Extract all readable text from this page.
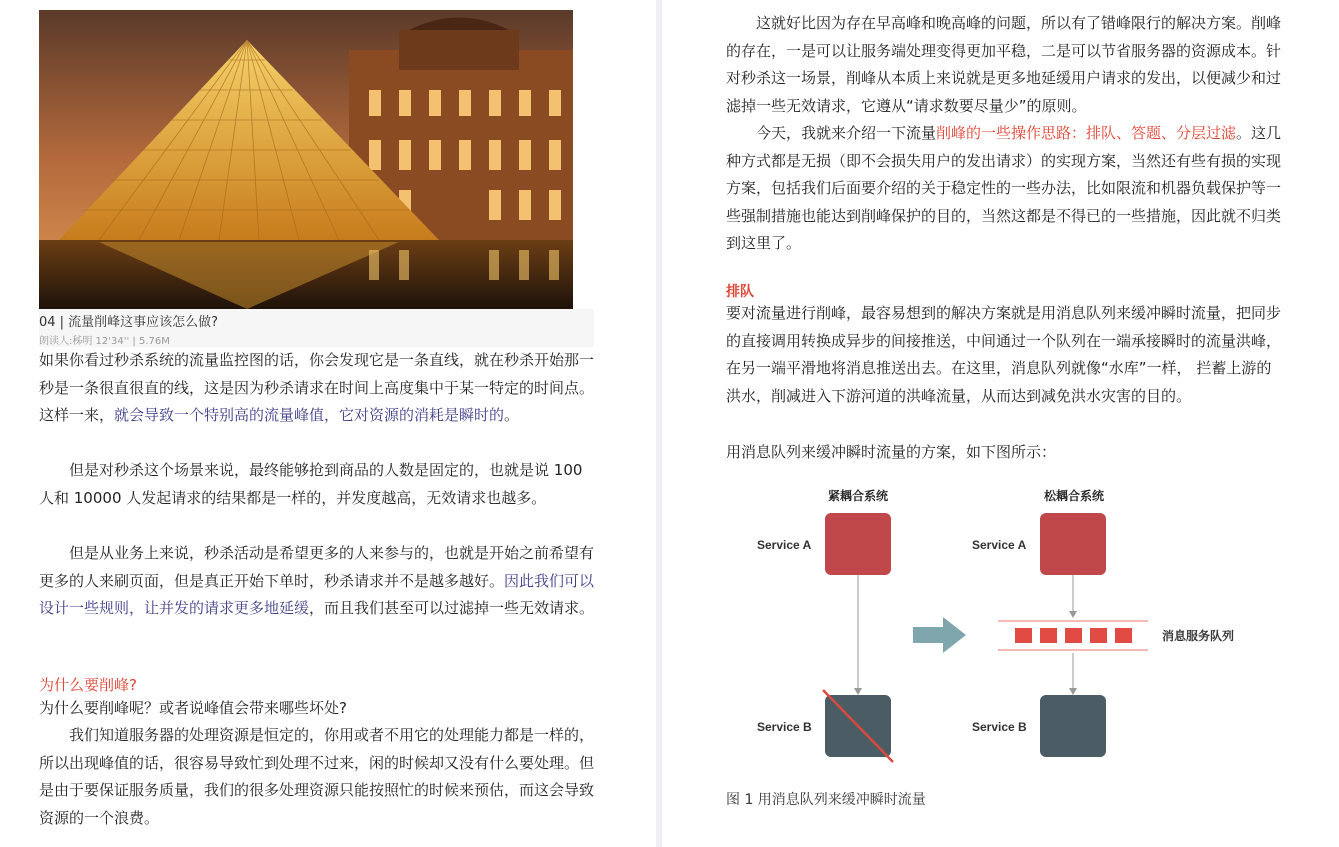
04 | 流量削峰这事应该怎么做?
朗读人:秭明 12'34'' | 5.76M

如果你看过秒杀系统的流量监控图的话，你会发现它是一条直线，就在秒杀开始那一秒是一条很直很直的线，这是因为秒杀请求在时间上高度集中于某一特定的时间点。这样一来，就会导致一个特别高的流量峰值，它对资源的消耗是瞬时的。

但是对秒杀这个场景来说，最终能够抢到商品的人数是固定的，也就是说 100 人和 10000 人发起请求的结果都是一样的，并发度越高，无效请求也越多。

但是从业务上来说，秒杀活动是希望更多的人来参与的，也就是开始之前希望有更多的人来刷页面，但是真正开始下单时，秒杀请求并不是越多越好。因此我们可以设计一些规则，让并发的请求更多地延缓，而且我们甚至可以过滤掉一些无效请求。

为什么要削峰?
为什么要削峰呢？或者说峰值会带来哪些坏处?

我们知道服务器的处理资源是恒定的，你用或者不用它的处理能力都是一样的，所以出现峰值的话，很容易导致忙到处理不过来，闲的时候却又没有什么要处理。但是由于要保证服务质量，我们的很多处理资源只能按照忙的时候来预估，而这会导致资源的一个浪费。

这就好比因为存在早高峰和晚高峰的问题，所以有了错峰限行的解决方案。削峰的存在，一是可以让服务端处理变得更加平稳，二是可以节省服务器的资源成本。针对秒杀这一场景，削峰从本质上来说就是更多地延缓用户请求的发出，以便减少和过滤掉一些无效请求，它遵从“请求数要尽量少”的原则。

今天，我就来介绍一下流量削峰的一些操作思路：排队、答题、分层过滤。这几种方式都是无损（即不会损失用户的发出请求）的实现方案，当然还有些有损的实现方案，包括我们后面要介绍的关于稳定性的一些办法，比如限流和机器负载保护等一些强制措施也能达到削峰保护的目的，当然这都是不得已的一些措施，因此就不归类到这里了。

排队

要对流量进行削峰，最容易想到的解决方案就是用消息队列来缓冲瞬时流量，把同步的直接调用转换成异步的间接推送，中间通过一个队列在一端承接瞬时的流量洪峰，在另一端平滑地将消息推送出去。在这里，消息队列就像“水库”一样， 拦蓄上游的洪水，削减进入下游河道的洪峰流量，从而达到减免洪水灾害的目的。

用消息队列来缓冲瞬时流量的方案，如下图所示：
紧耦合系统	松耦合系统
Service A
Service B
Service A
消息服务队列
Service B
图 1 用消息队列来缓冲瞬时流量
